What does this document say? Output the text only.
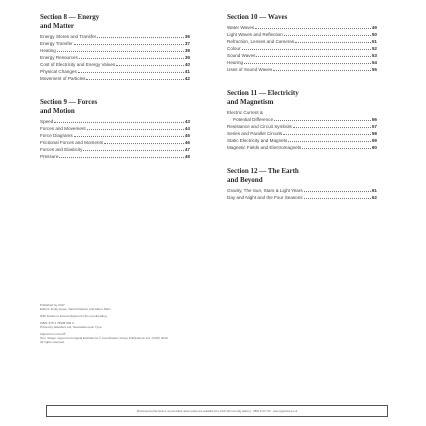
Section 8 — Energy
and Matter
Energy Stores and Transfer	36
Energy Transfer	37
Heating	38
Energy Resources	39
Cost of Electricity and Energy Values	40
Physical Changes	41
Movement of Particles	42
Section 9 — Forces
and Motion
Speed	43
Forces and Movement	44
Force Diagrams	45
Frictional Forces and Moments	46
Forces and Elasticity	47
Pressure	48
Section 10 — Waves
Water Waves	49
Light Waves and Reflection	50
Refraction, Lenses and Cameras	51
Colour	52
Sound Waves	53
Hearing	54
Uses of Sound Waves	55
Section 11 — Electricity
and Magnetism
Electric Current &
Potential Difference	56
Resistance and Circuit Symbols	57
Series and Parallel Circuits	58
Static Electricity and Magnets	59
Magnetic Fields and Electromagnets	60
Section 12 — The Earth
and Beyond
Gravity, The Sun, Stars & Light Years	61
Day and Night and the Four Seasons	62
Published by CGP
Editors: Emily Howe, Sarah Pattison and Alison Palin
With thanks to Emma Clayton for the proofreading.
ISBN: 978 1 78908 000 0
Printed by Elanders Ltd, Newcastle upon Tyne.
Clipart from Corel®
Text, design, layout and original illustrations © Coordination Group Publications Ltd. (CGP) 2019
All rights reserved.
Photocopying this book is not permitted. Extra copies are available from CGP with next day delivery · 0800 1712 712 · www.cgpbooks.co.uk
